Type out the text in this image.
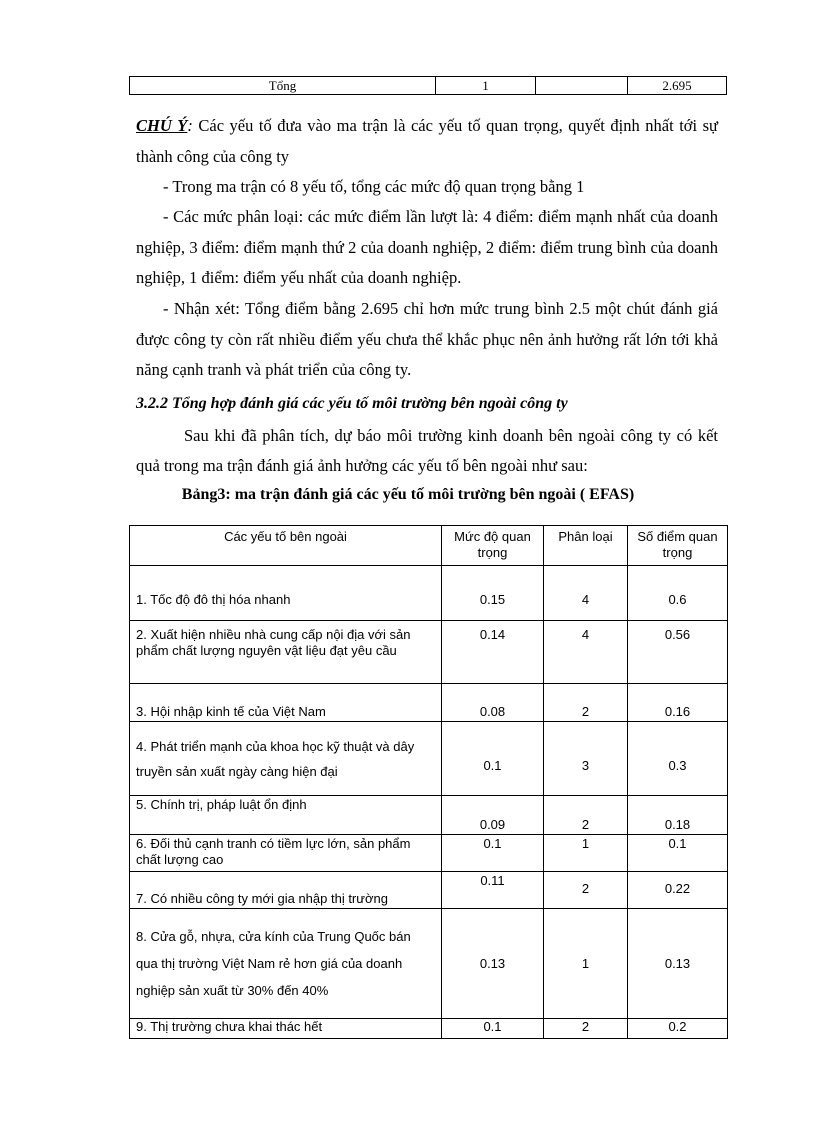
Tổng	1		2.695

CHÚ Ý: Các yếu tố đưa vào ma trận là các yếu tố quan trọng, quyết định nhất tới sự thành công của công ty

- Trong ma trận có 8 yếu tố, tổng các mức độ quan trọng bằng 1

- Các mức phân loại: các mức điểm lần lượt là: 4 điểm: điểm mạnh nhất của doanh nghiệp, 3 điểm: điểm mạnh thứ 2 của doanh nghiệp, 2 điểm: điểm trung bình của doanh nghiệp, 1 điểm: điểm yếu nhất của doanh nghiệp.

- Nhận xét: Tổng điểm bằng 2.695 chỉ hơn mức trung bình 2.5 một chút đánh giá được công ty còn rất nhiều điểm yếu chưa thể khắc phục nên ảnh hưởng rất lớn tới khả năng cạnh tranh và phát triển của công ty.

3.2.2 Tổng hợp đánh giá các yếu tố môi trường bên ngoài công ty

Sau khi đã phân tích, dự báo môi trường kinh doanh bên ngoài công ty có kết quả trong ma trận đánh giá ảnh hưởng các yếu tố bên ngoài như sau:

Bảng3: ma trận đánh giá các yếu tố môi trường bên ngoài ( EFAS)

Các yếu tố bên ngoài	Mức độ quan trọng	Phân loại	Số điểm quan trọng
1. Tốc độ đô thị hóa nhanh	0.15	4	0.6
2. Xuất hiện nhiều nhà cung cấp nội địa với sản phẩm chất lượng nguyên vật liệu đạt yêu cầu	0.14	4	0.56
3. Hội nhập kinh tế của Việt Nam	0.08	2	0.16
4. Phát triển mạnh của khoa học kỹ thuật và dây truyền sản xuất ngày càng hiện đại	0.1	3	0.3
5. Chính trị, pháp luật ổn định	0.09	2	0.18
6. Đối thủ cạnh tranh có tiềm lực lớn, sản phẩm chất lượng cao	0.1	1	0.1
7. Có nhiều công ty mới gia nhập thị trường	0.11	2	0.22
8. Cửa gỗ, nhựa, cửa kính của Trung Quốc bán qua thị trường Việt Nam rẻ hơn giá của doanh nghiệp sản xuất từ 30% đến 40%	0.13	1	0.13
9. Thị trường chưa khai thác hết	0.1	2	0.2
